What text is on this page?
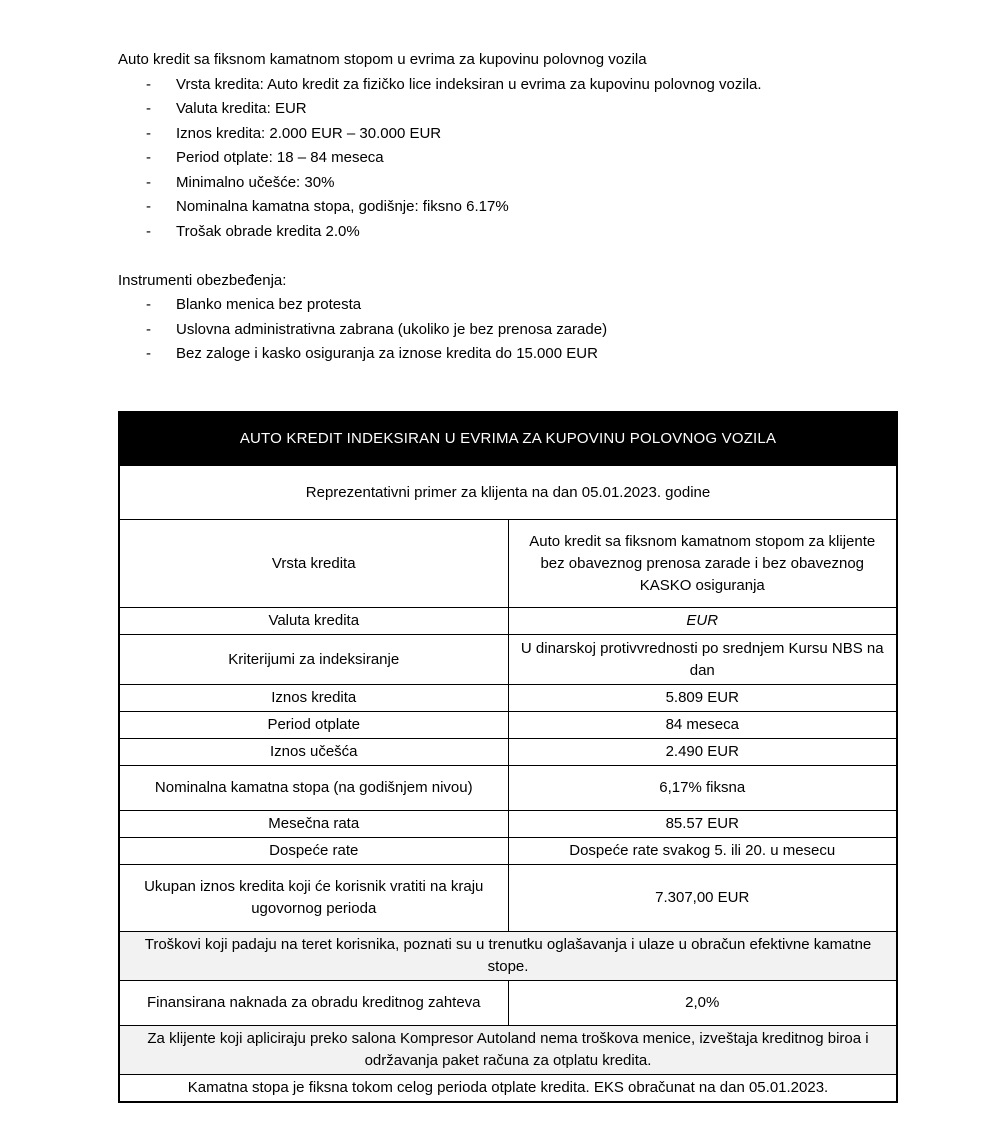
Auto kredit sa fiksnom kamatnom stopom u evrima za kupovinu polovnog vozila
- Vrsta kredita: Auto kredit za fizičko lice indeksiran u evrima za kupovinu polovnog vozila.
- Valuta kredita: EUR
- Iznos kredita: 2.000 EUR – 30.000 EUR
- Period otplate: 18 – 84 meseca
- Minimalno učešće: 30%
- Nominalna kamatna stopa, godišnje: fiksno 6.17%
- Trošak obrade kredita 2.0%
Instrumenti obezbeđenja:
- Blanko menica bez protesta
- Uslovna administrativna zabrana (ukoliko je bez prenosa zarade)
- Bez zaloge i kasko osiguranja za iznose kredita do 15.000 EUR
AUTO KREDIT INDEKSIRAN U EVRIMA ZA KUPOVINU POLOVNOG VOZILA	
Reprezentativni primer za klijenta na dan 05.01.2023. godine	
Vrsta kredita	Auto kredit sa fiksnom kamatnom stopom za klijente bez obaveznog prenosa zarade i bez obaveznog KASKO osiguranja
Valuta kredita	EUR
Kriterijumi za indeksiranje	U dinarskoj protivvrednosti po srednjem Kursu NBS na dan
Iznos kredita	5.809 EUR
Period otplate	84 meseca
Iznos učešća	2.490 EUR
Nominalna kamatna stopa (na godišnjem nivou)	6,17% fiksna
Mesečna rata	85.57 EUR
Dospeće rate	Dospeće rate svakog 5. ili 20. u mesecu
Ukupan iznos kredita koji će korisnik vratiti na kraju ugovornog perioda	7.307,00 EUR
Troškovi koji padaju na teret korisnika, poznati su u trenutku oglašavanja i ulaze u obračun efektivne kamatne stope.	
Finansirana naknada za obradu kreditnog zahteva	2,0%
Za klijente koji apliciraju preko salona Kompresor Autoland nema troškova menice, izveštaja kreditnog biroa i održavanja paket računa za otplatu kredita.	
Kamatna stopa je fiksna tokom celog perioda otplate kredita. EKS obračunat na dan 05.01.2023.	
